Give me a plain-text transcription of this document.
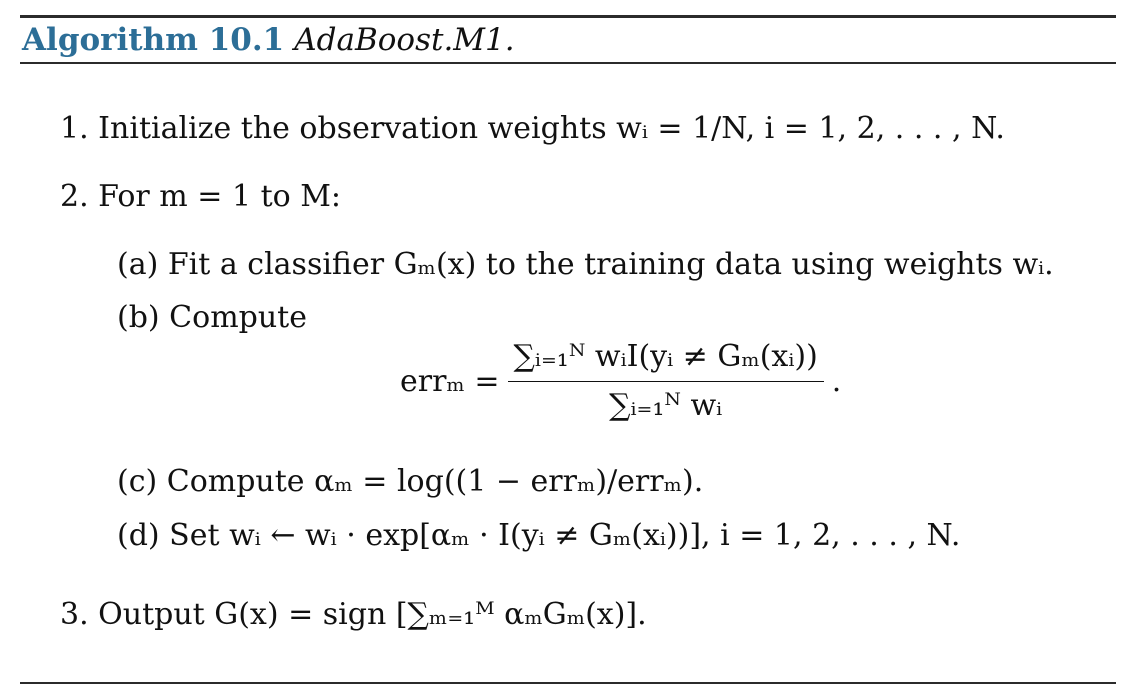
Algorithm 10.1 AdaBoost.M1.
1. Initialize the observation weights wᵢ = 1/N, i = 1, 2, . . . , N.
2. For m = 1 to M:
(a) Fit a classifier Gₘ(x) to the training data using weights wᵢ.
(b) Compute
$err_m = \frac{\text{∑ᵢ₌₁ᴺ wᵢI(yᵢ ≠ Gₘ(xᵢ))}}{\text{∑ᵢ₌₁ᴺ wᵢ}}$ .
(c) Compute αₘ = log((1 − errₘ)/errₘ).
(d) Set wᵢ ← wᵢ · exp[αₘ · I(yᵢ ≠ Gₘ(xᵢ))], i = 1, 2, . . . , N.
3. Output G(x) = sign [∑ₘ₌₁ᴹ αₘGₘ(x)].
